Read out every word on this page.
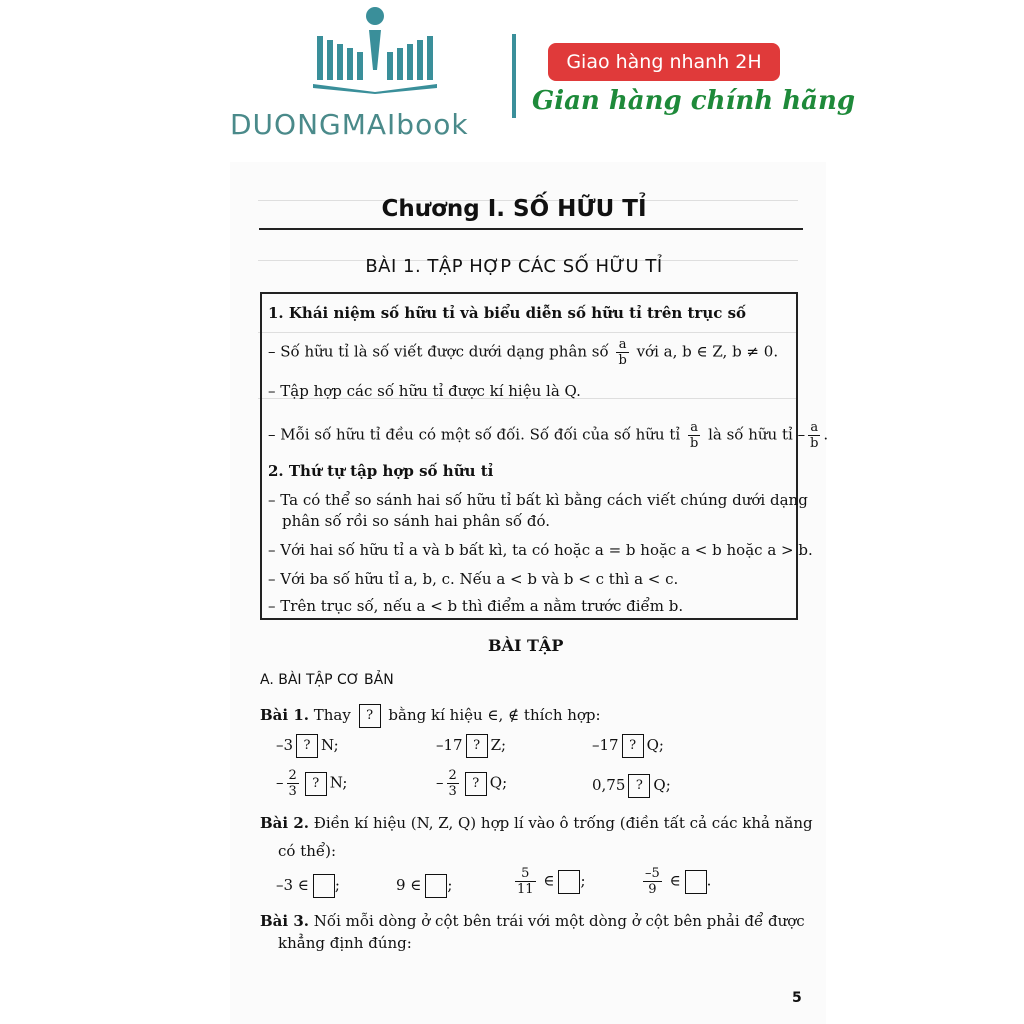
DUONGMAIbook
Giao hàng nhanh 2H
Gian hàng chính hãng
Chương I. SỐ HỮU TỈ
BÀI 1. TẬP HỢP CÁC SỐ HỮU TỈ
1. Khái niệm số hữu tỉ và biểu diễn số hữu tỉ trên trục số
– Số hữu tỉ là số viết được dưới dạng phân số $\frac{a}{b}$ với a, b ∈ Z, b ≠ 0.
– Tập hợp các số hữu tỉ được kí hiệu là Q.
– Mỗi số hữu tỉ đều có một số đối. Số đối của số hữu tỉ $\frac{a}{b}$ là số hữu tỉ – $\frac{a}{b}$ .
2. Thứ tự tập hợp số hữu tỉ
– Ta có thể so sánh hai số hữu tỉ bất kì bằng cách viết chúng dưới dạng
phân số rồi so sánh hai phân số đó.
– Với hai số hữu tỉ a và b bất kì, ta có hoặc a = b hoặc a < b hoặc a > b.
– Với ba số hữu tỉ a, b, c. Nếu a < b và b < c thì a < c.
– Trên trục số, nếu a < b thì điểm a nằm trước điểm b.
BÀI TẬP
A. BÀI TẬP CƠ BẢN
Bài 1. Thay ? bằng kí hiệu ∈, ∉ thích hợp:
–3 ? N;	–17 ? Z;	–17 ? Q;
– $\frac{2}{3}$ ? N;	– $\frac{2}{3}$ ? Q;	0,75 ? Q;
Bài 2. Điền kí hiệu (N, Z, Q) hợp lí vào ô trống (điền tất cả các khả năng
có thể):
–3 ∈ ;	9 ∈ ;	$\frac{5}{11}$ ∈ ;	$\frac{-5}{9}$ ∈ .
Bài 3. Nối mỗi dòng ở cột bên trái với một dòng ở cột bên phải để được
khẳng định đúng:
5
